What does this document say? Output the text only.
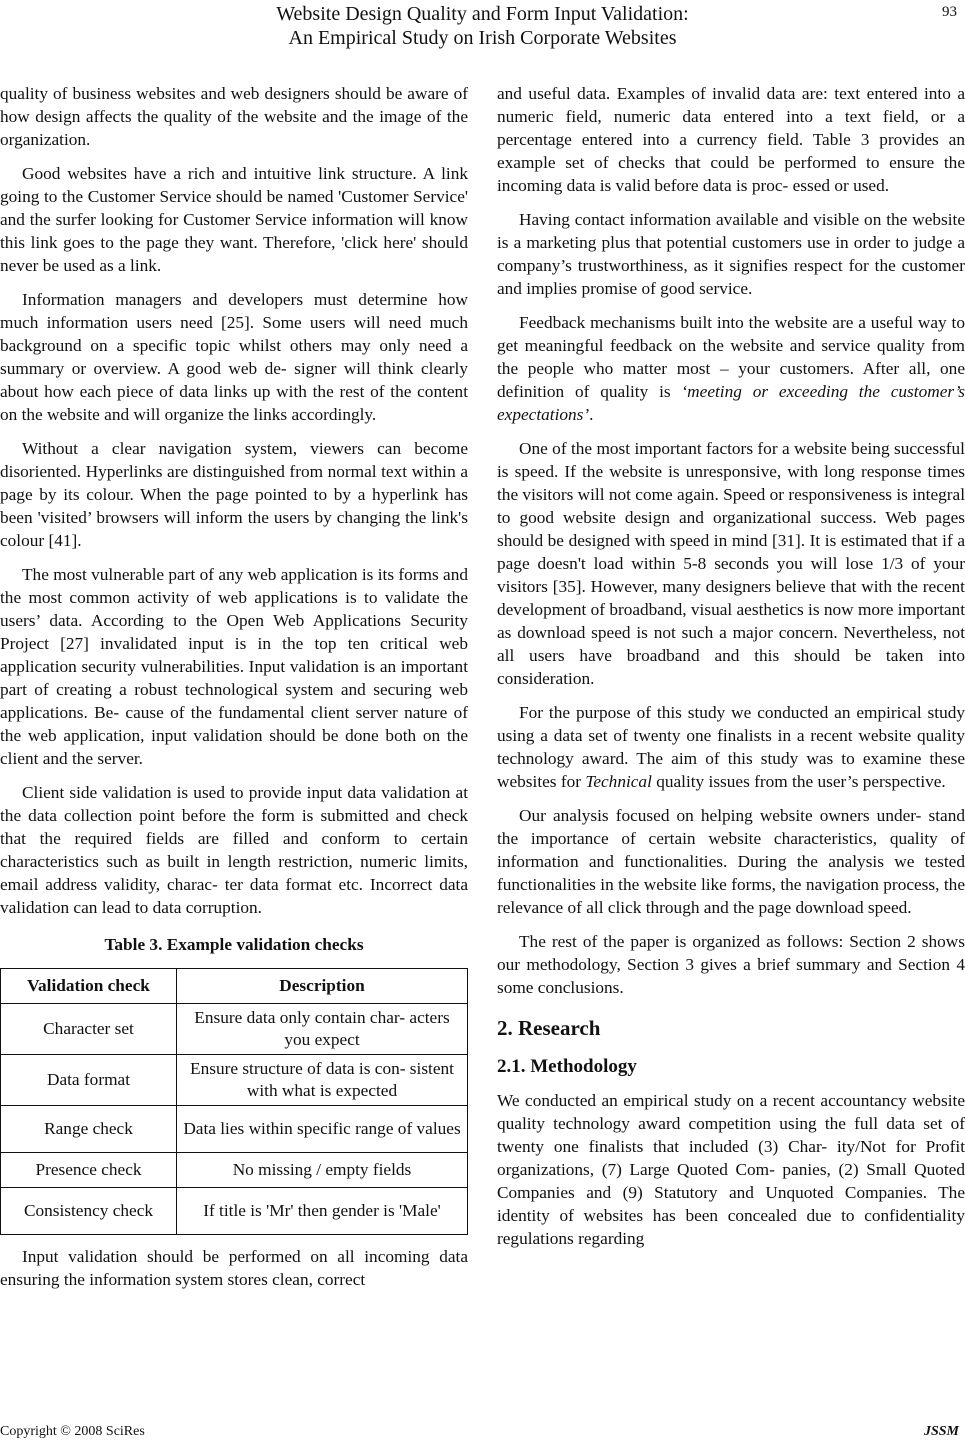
Website Design Quality and Form Input Validation:
An Empirical Study on Irish Corporate Websites
93

quality of business websites and web designers should be aware of how design affects the quality of the website and the image of the organization.

Good websites have a rich and intuitive link structure. A link going to the Customer Service should be named 'Customer Service' and the surfer looking for Customer Service information will know this link goes to the page they want. Therefore, 'click here' should never be used as a link.

Information managers and developers must determine how much information users need [25]. Some users will need much background on a specific topic whilst others may only need a summary or overview. A good web de- signer will think clearly about how each piece of data links up with the rest of the content on the website and will organize the links accordingly.

Without a clear navigation system, viewers can become disoriented. Hyperlinks are distinguished from normal text within a page by its colour. When the page pointed to by a hyperlink has been 'visited’ browsers will inform the users by changing the link's colour [41].

The most vulnerable part of any web application is its forms and the most common activity of web applications is to validate the users’ data. According to the Open Web Applications Security Project [27] invalidated input is in the top ten critical web application security vulnerabilities. Input validation is an important part of creating a robust technological system and securing web applications. Be- cause of the fundamental client server nature of the web application, input validation should be done both on the client and the server.

Client side validation is used to provide input data validation at the data collection point before the form is submitted and check that the required fields are filled and conform to certain characteristics such as built in length restriction, numeric limits, email address validity, charac- ter data format etc. Incorrect data validation can lead to data corruption.

Table 3. Example validation checks
Validation check	Description
Character set	Ensure data only contain char- acters you expect
Data format	Ensure structure of data is con- sistent with what is expected
Range check	Data lies within specific range of values
Presence check	No missing / empty fields
Consistency check	If title is 'Mr' then gender is 'Male'

Input validation should be performed on all incoming data ensuring the information system stores clean, correct

and useful data. Examples of invalid data are: text entered into a numeric field, numeric data entered into a text field, or a percentage entered into a currency field. Table 3 provides an example set of checks that could be performed to ensure the incoming data is valid before data is proc- essed or used.

Having contact information available and visible on the website is a marketing plus that potential customers use in order to judge a company’s trustworthiness, as it signifies respect for the customer and implies promise of good service.

Feedback mechanisms built into the website are a useful way to get meaningful feedback on the website and service quality from the people who matter most – your customers. After all, one definition of quality is ‘meeting or exceeding the customer’s expectations’.

One of the most important factors for a website being successful is speed. If the website is unresponsive, with long response times the visitors will not come again. Speed or responsiveness is integral to good website design and organizational success. Web pages should be designed with speed in mind [31]. It is estimated that if a page doesn't load within 5-8 seconds you will lose 1/3 of your visitors [35]. However, many designers believe that with the recent development of broadband, visual aesthetics is now more important as download speed is not such a major concern. Nevertheless, not all users have broadband and this should be taken into consideration.

For the purpose of this study we conducted an empirical study using a data set of twenty one finalists in a recent website quality technology award. The aim of this study was to examine these websites for Technical quality issues from the user’s perspective.

Our analysis focused on helping website owners under- stand the importance of certain website characteristics, quality of information and functionalities. During the analysis we tested functionalities in the website like forms, the navigation process, the relevance of all click through and the page download speed.

The rest of the paper is organized as follows: Section 2 shows our methodology, Section 3 gives a brief summary and Section 4 some conclusions.

2. Research
2.1. Methodology

We conducted an empirical study on a recent accountancy website quality technology award competition using the full data set of twenty one finalists that included (3) Char- ity/Not for Profit organizations, (7) Large Quoted Com- panies, (2) Small Quoted Companies and (9) Statutory and Unquoted Companies. The identity of websites has been concealed due to confidentiality regulations regarding

Copyright © 2008 SciRes	JSSM
